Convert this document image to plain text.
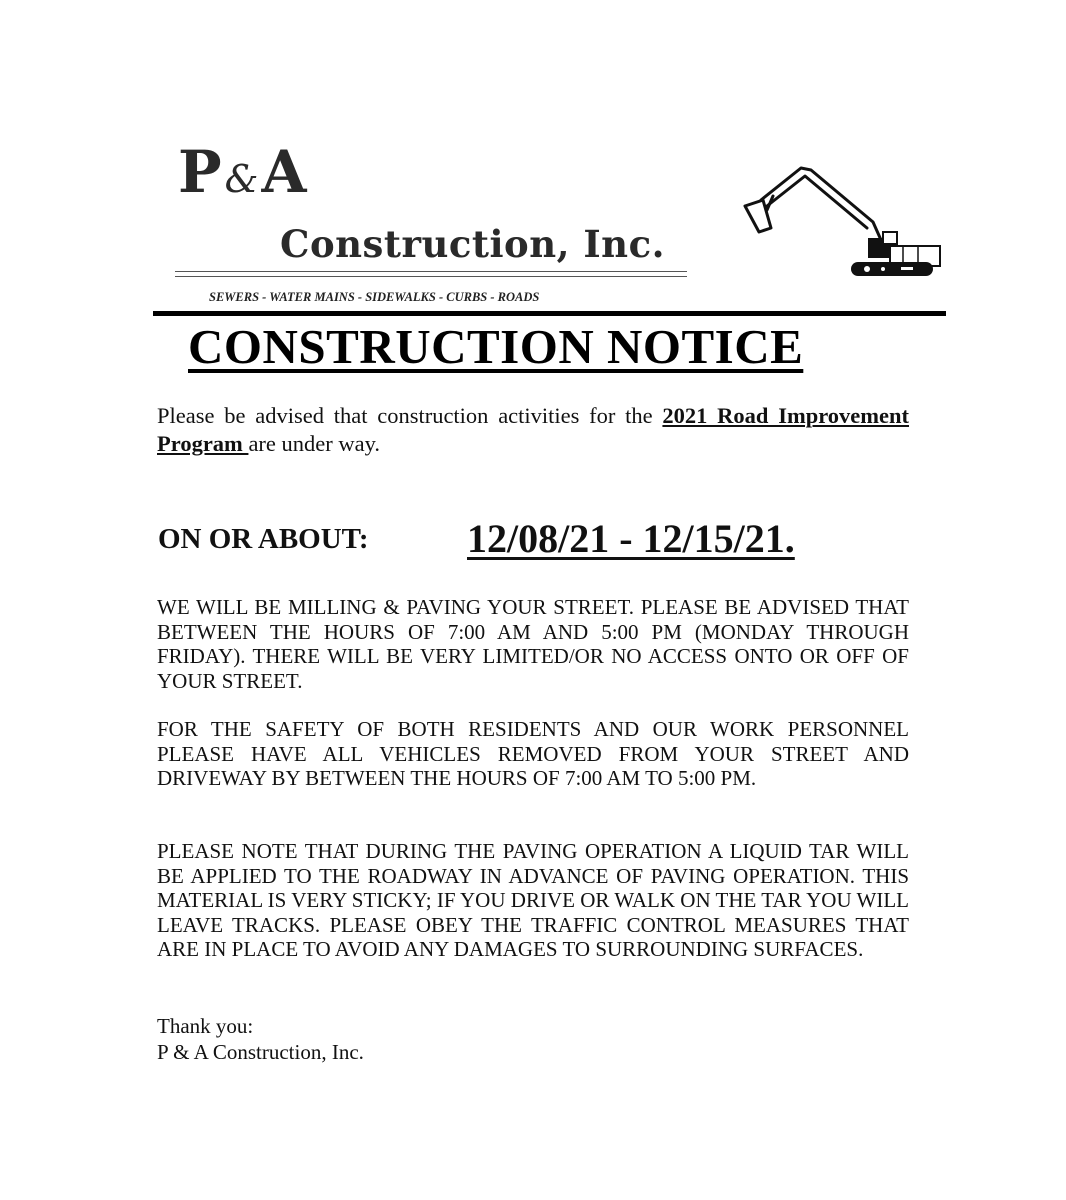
P&A
Construction, Inc.
SEWERS - WATER MAINS - SIDEWALKS - CURBS - ROADS
CONSTRUCTION NOTICE
Please be advised that construction activities for the 2021 Road Improvement Program are under way.
ON OR ABOUT: 12/08/21 - 12/15/21.
WE WILL BE MILLING & PAVING YOUR STREET. PLEASE BE ADVISED THAT BETWEEN THE HOURS OF 7:00 AM AND 5:00 PM (MONDAY THROUGH FRIDAY). THERE WILL BE VERY LIMITED/OR NO ACCESS ONTO OR OFF OF YOUR STREET.
FOR THE SAFETY OF BOTH RESIDENTS AND OUR WORK PERSONNEL PLEASE HAVE ALL VEHICLES REMOVED FROM YOUR STREET AND DRIVEWAY BY BETWEEN THE HOURS OF 7:00 AM TO 5:00 PM.
PLEASE NOTE THAT DURING THE PAVING OPERATION A LIQUID TAR WILL BE APPLIED TO THE ROADWAY IN ADVANCE OF PAVING OPERATION. THIS MATERIAL IS VERY STICKY; IF YOU DRIVE OR WALK ON THE TAR YOU WILL LEAVE TRACKS. PLEASE OBEY THE TRAFFIC CONTROL MEASURES THAT ARE IN PLACE TO AVOID ANY DAMAGES TO SURROUNDING SURFACES.
Thank you:
P & A Construction, Inc.
